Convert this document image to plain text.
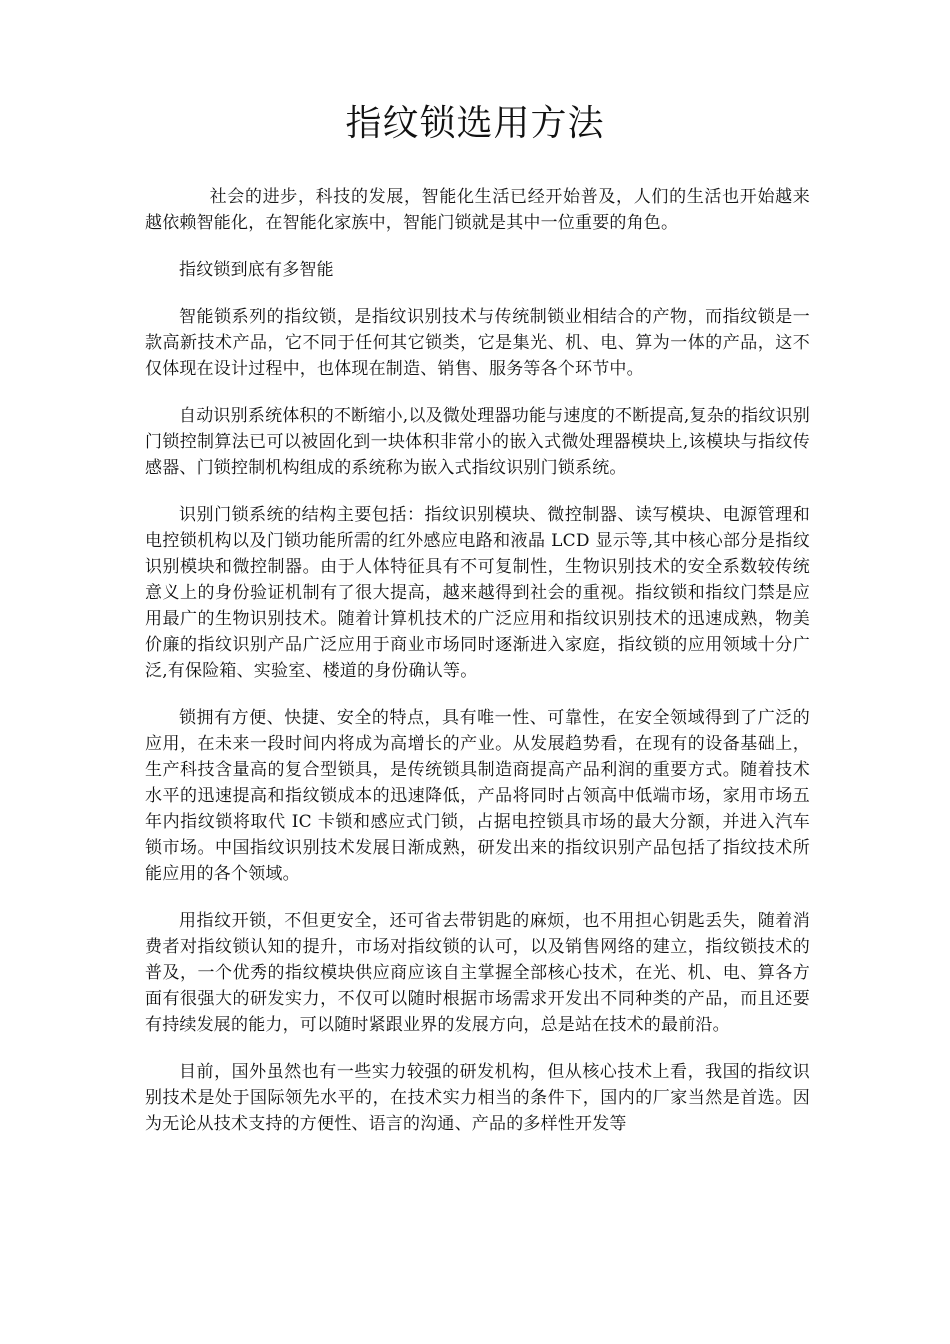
指纹锁选用方法

社会的进步，科技的发展，智能化生活已经开始普及，人们的生活也开始越来越依赖智能化，在智能化家族中，智能门锁就是其中一位重要的角色。

指纹锁到底有多智能

智能锁系列的指纹锁，是指纹识别技术与传统制锁业相结合的产物，而指纹锁是一款高新技术产品，它不同于任何其它锁类，它是集光、机、电、算为一体的产品，这不仅体现在设计过程中，也体现在制造、销售、服务等各个环节中。

自动识别系统体积的不断缩小,以及微处理器功能与速度的不断提高,复杂的指纹识别门锁控制算法已可以被固化到一块体积非常小的嵌入式微处理器模块上,该模块与指纹传感器、门锁控制机构组成的系统称为嵌入式指纹识别门锁系统。

识别门锁系统的结构主要包括：指纹识别模块、微控制器、读写模块、电源管理和电控锁机构以及门锁功能所需的红外感应电路和液晶 LCD 显示等,其中核心部分是指纹识别模块和微控制器。由于人体特征具有不可复制性，生物识别技术的安全系数较传统意义上的身份验证机制有了很大提高，越来越得到社会的重视。指纹锁和指纹门禁是应用最广的生物识别技术。随着计算机技术的广泛应用和指纹识别技术的迅速成熟，物美价廉的指纹识别产品广泛应用于商业市场同时逐渐进入家庭，指纹锁的应用领域十分广泛,有保险箱、实验室、楼道的身份确认等。

锁拥有方便、快捷、安全的特点，具有唯一性、可靠性，在安全领域得到了广泛的应用，在未来一段时间内将成为高增长的产业。从发展趋势看，在现有的设备基础上，生产科技含量高的复合型锁具，是传统锁具制造商提高产品利润的重要方式。随着技术水平的迅速提高和指纹锁成本的迅速降低，产品将同时占领高中低端市场，家用市场五年内指纹锁将取代 IC 卡锁和感应式门锁，占据电控锁具市场的最大分额，并进入汽车锁市场。中国指纹识别技术发展日渐成熟，研发出来的指纹识别产品包括了指纹技术所能应用的各个领域。

用指纹开锁，不但更安全，还可省去带钥匙的麻烦，也不用担心钥匙丢失，随着消费者对指纹锁认知的提升，市场对指纹锁的认可，以及销售网络的建立，指纹锁技术的普及，一个优秀的指纹模块供应商应该自主掌握全部核心技术，在光、机、电、算各方面有很强大的研发实力，不仅可以随时根据市场需求开发出不同种类的产品，而且还要有持续发展的能力，可以随时紧跟业界的发展方向，总是站在技术的最前沿。

目前，国外虽然也有一些实力较强的研发机构，但从核心技术上看，我国的指纹识别技术是处于国际领先水平的，在技术实力相当的条件下，国内的厂家当然是首选。因为无论从技术支持的方便性、语言的沟通、产品的多样性开发等
